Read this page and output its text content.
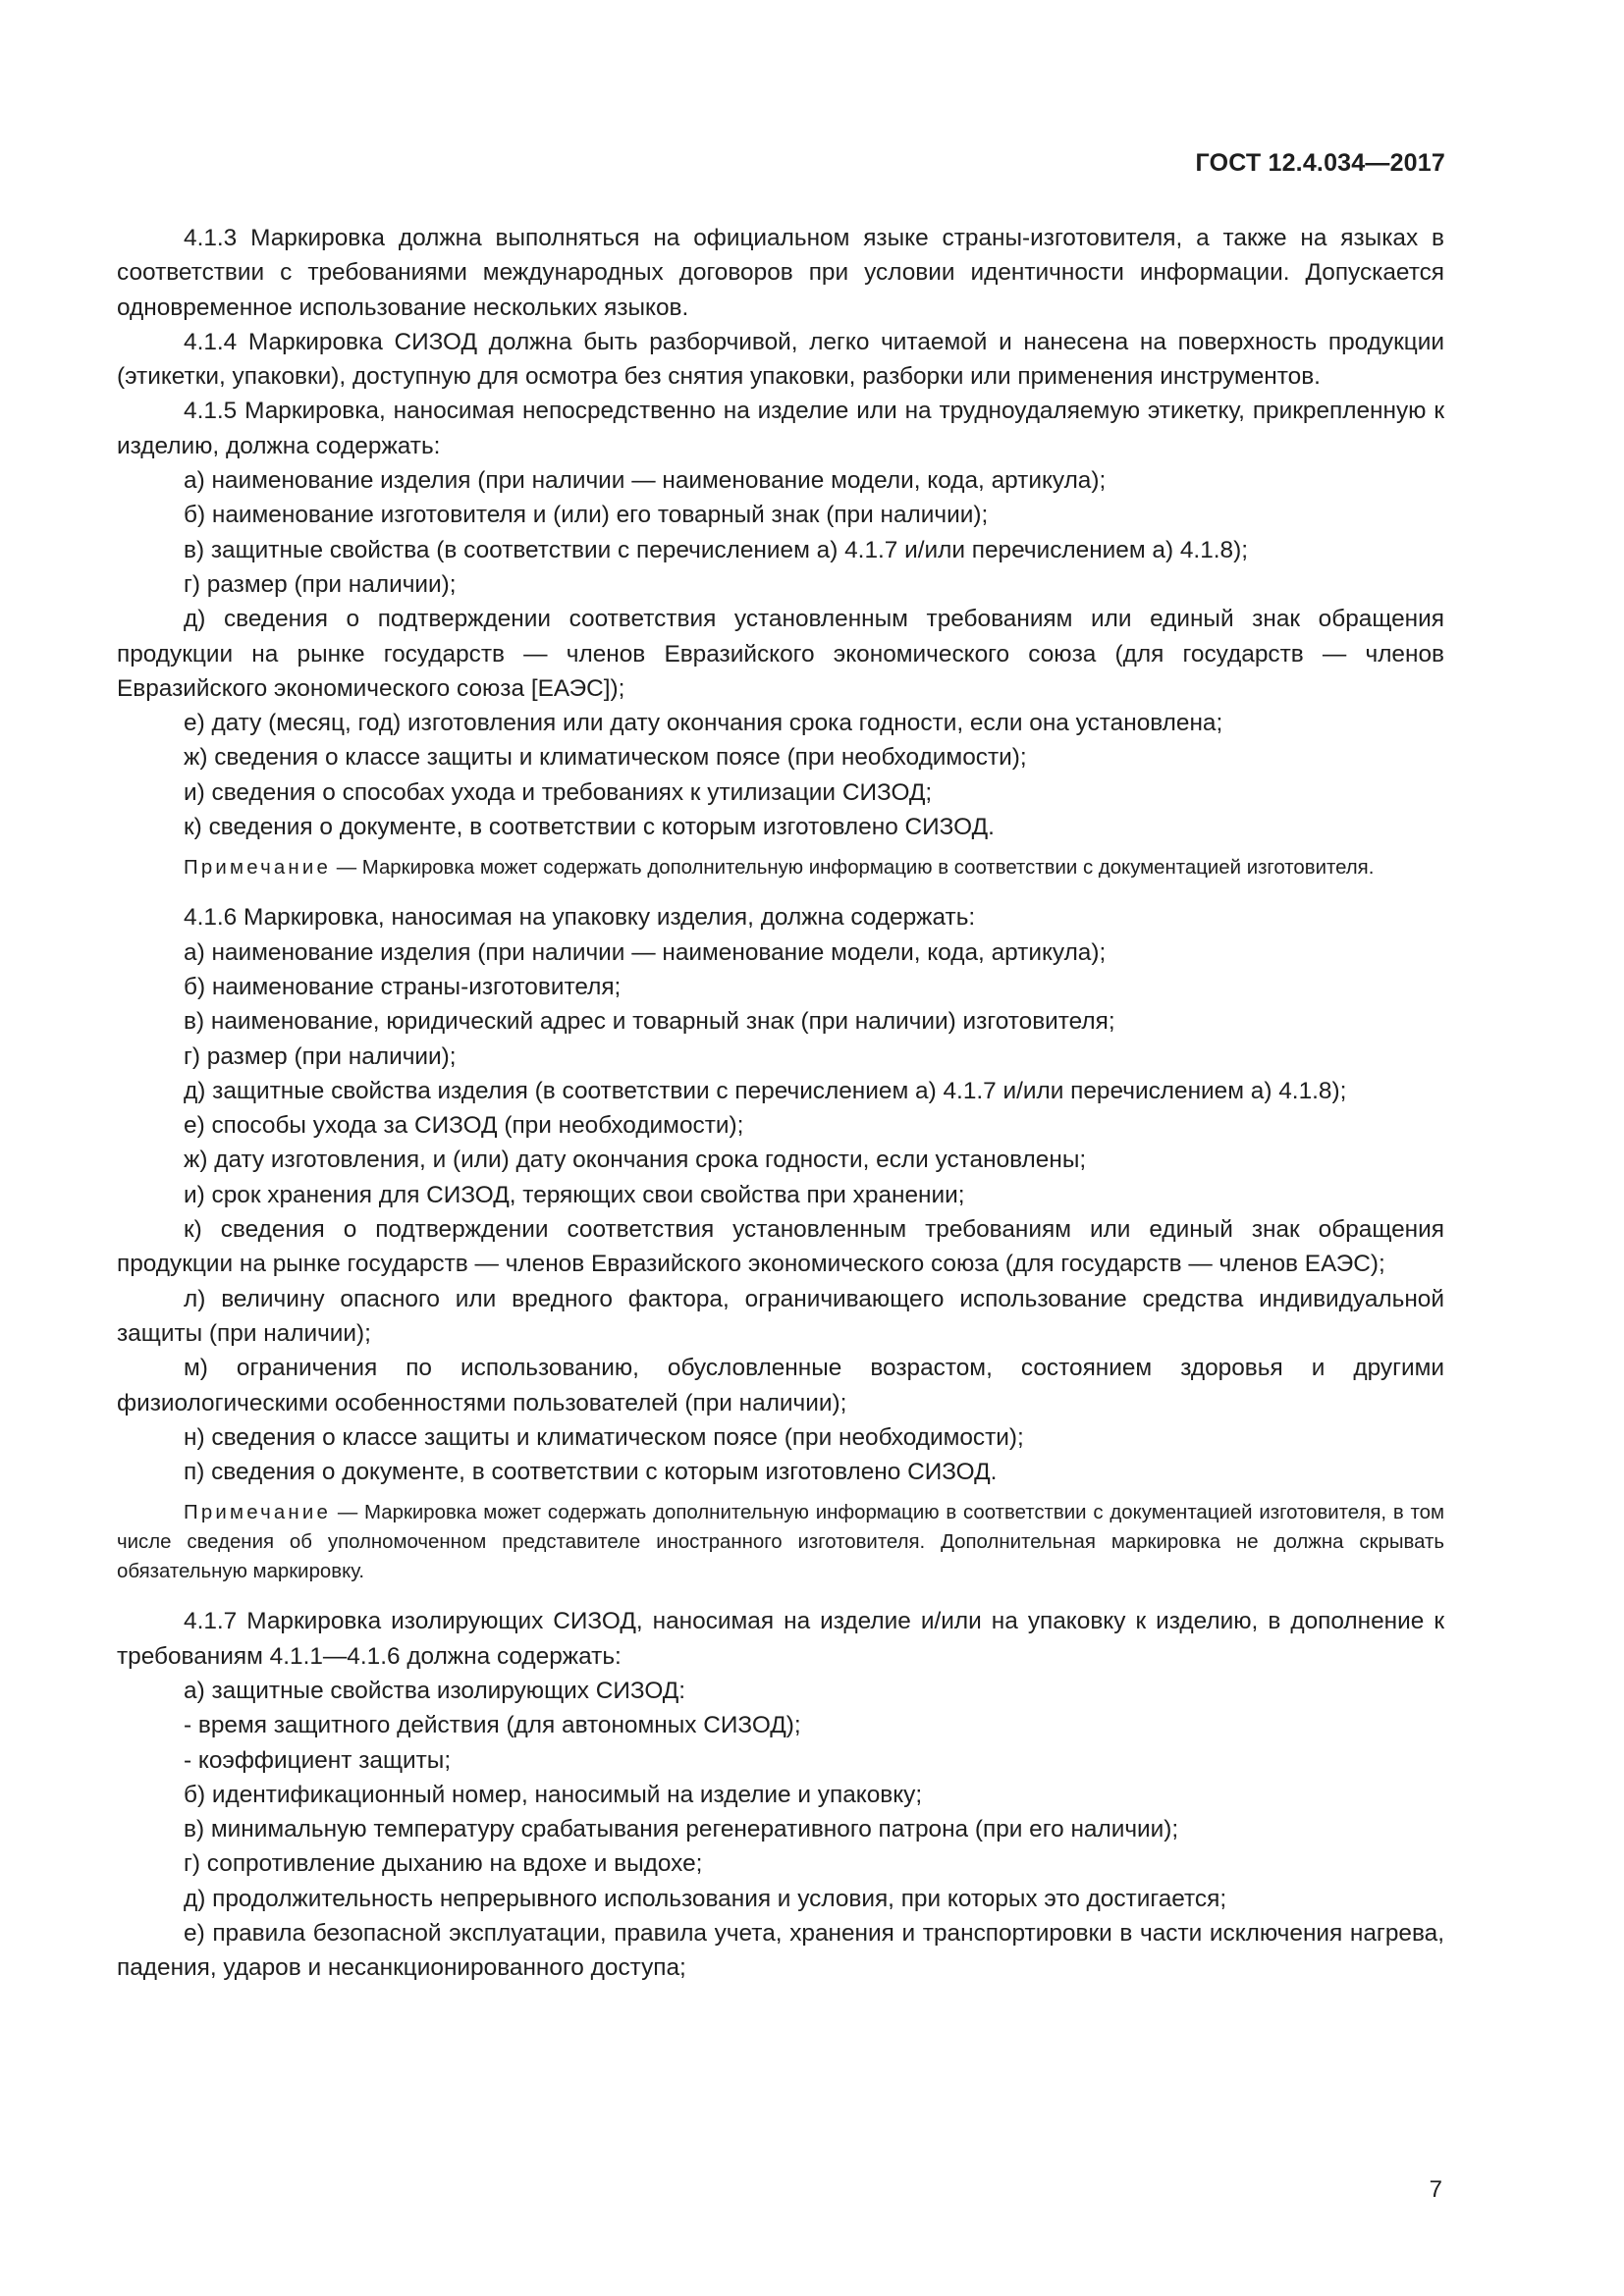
ГОСТ 12.4.034—2017

4.1.3 Маркировка должна выполняться на официальном языке страны-изготовителя, а также на языках в соответствии с требованиями международных договоров при условии идентичности информации. Допускается одновременное использование нескольких языков.

4.1.4 Маркировка СИЗОД должна быть разборчивой, легко читаемой и нанесена на поверхность продукции (этикетки, упаковки), доступную для осмотра без снятия упаковки, разборки или применения инструментов.

4.1.5 Маркировка, наносимая непосредственно на изделие или на трудноудаляемую этикетку, прикрепленную к изделию, должна содержать:

а) наименование изделия (при наличии — наименование модели, кода, артикула);

б) наименование изготовителя и (или) его товарный знак (при наличии);

в) защитные свойства (в соответствии с перечислением а) 4.1.7 и/или перечислением а) 4.1.8);

г) размер (при наличии);

д) сведения о подтверждении соответствия установленным требованиям или единый знак обращения продукции на рынке государств — членов Евразийского экономического союза (для государств — членов Евразийского экономического союза [ЕАЭС]);

е) дату (месяц, год) изготовления или дату окончания срока годности, если она установлена;

ж) сведения о классе защиты и климатическом поясе (при необходимости);

и) сведения о способах ухода и требованиях к утилизации СИЗОД;

к) сведения о документе, в соответствии с которым изготовлено СИЗОД.

Примечание — Маркировка может содержать дополнительную информацию в соответствии с документацией изготовителя.

4.1.6 Маркировка, наносимая на упаковку изделия, должна содержать:

а) наименование изделия (при наличии — наименование модели, кода, артикула);

б) наименование страны-изготовителя;

в) наименование, юридический адрес и товарный знак (при наличии) изготовителя;

г) размер (при наличии);

д) защитные свойства изделия (в соответствии с перечислением а) 4.1.7 и/или перечислением а) 4.1.8);

е) способы ухода за СИЗОД (при необходимости);

ж) дату изготовления, и (или) дату окончания срока годности, если установлены;

и) срок хранения для СИЗОД, теряющих свои свойства при хранении;

к) сведения о подтверждении соответствия установленным требованиям или единый знак обращения продукции на рынке государств — членов Евразийского экономического союза (для государств — членов ЕАЭС);

л) величину опасного или вредного фактора, ограничивающего использование средства индивидуальной защиты (при наличии);

м) ограничения по использованию, обусловленные возрастом, состоянием здоровья и другими физиологическими особенностями пользователей (при наличии);

н) сведения о классе защиты и климатическом поясе (при необходимости);

п) сведения о документе, в соответствии с которым изготовлено СИЗОД.

Примечание — Маркировка может содержать дополнительную информацию в соответствии с документацией изготовителя, в том числе сведения об уполномоченном представителе иностранного изготовителя. Дополнительная маркировка не должна скрывать обязательную маркировку.

4.1.7 Маркировка изолирующих СИЗОД, наносимая на изделие и/или на упаковку к изделию, в дополнение к требованиям 4.1.1—4.1.6 должна содержать:

а) защитные свойства изолирующих СИЗОД:

- время защитного действия (для автономных СИЗОД);

- коэффициент защиты;

б) идентификационный номер, наносимый на изделие и упаковку;

в) минимальную температуру срабатывания регенеративного патрона (при его наличии);

г) сопротивление дыханию на вдохе и выдохе;

д) продолжительность непрерывного использования и условия, при которых это достигается;

е) правила безопасной эксплуатации, правила учета, хранения и транспортировки в части исключения нагрева, падения, ударов и несанкционированного доступа;

7
